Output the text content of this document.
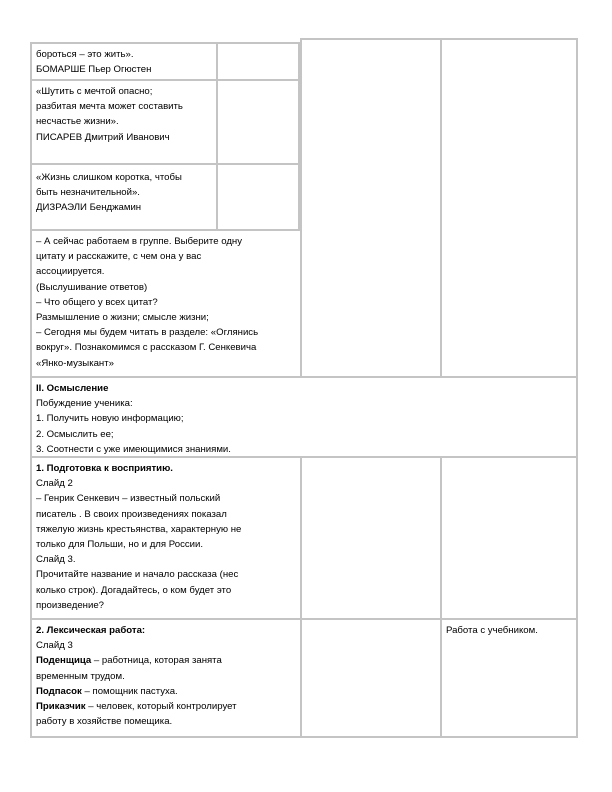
бороться – это жить».
БОМАРШЕ Пьер Огюстен
«Шутить с мечтой опасно;
разбитая мечта может составить
несчастье жизни».
ПИСАРЕВ Дмитрий Иванович
«Жизнь слишком коротка, чтобы
быть незначительной».
ДИЗРАЭЛИ Бенджамин
– А сейчас работаем в группе. Выберите одну
цитату и расскажите, с чем она у вас
ассоциируется.
(Выслушивание ответов)
– Что общего у всех цитат?
Размышление о жизни; смысле жизни;
– Сегодня мы будем читать в разделе: «Оглянись
вокруг». Познакомимся с рассказом Г. Сенкевича
«Янко-музыкант»
II. Осмысление
Побуждение ученика:
1. Получить новую информацию;
2. Осмыслить ее;
3. Соотнести с уже имеющимися знаниями.
1. Подготовка к восприятию.
Слайд 2
– Генрик Сенкевич – известный польский
писатель . В своих произведениях показал
тяжелую жизнь крестьянства, характерную не
только для Польши, но и для России.
Слайд 3.
Прочитайте название и начало рассказа (нес
колько строк). Догадайтесь, о ком будет это
произведение?
2. Лексическая работа:
Слайд 3
Поденщица – работница, которая занята
временным трудом.
Подпасок – помощник пастуха.
Приказчик – человек, который контролирует
работу в хозяйстве помещика.
Работа с учебником.
